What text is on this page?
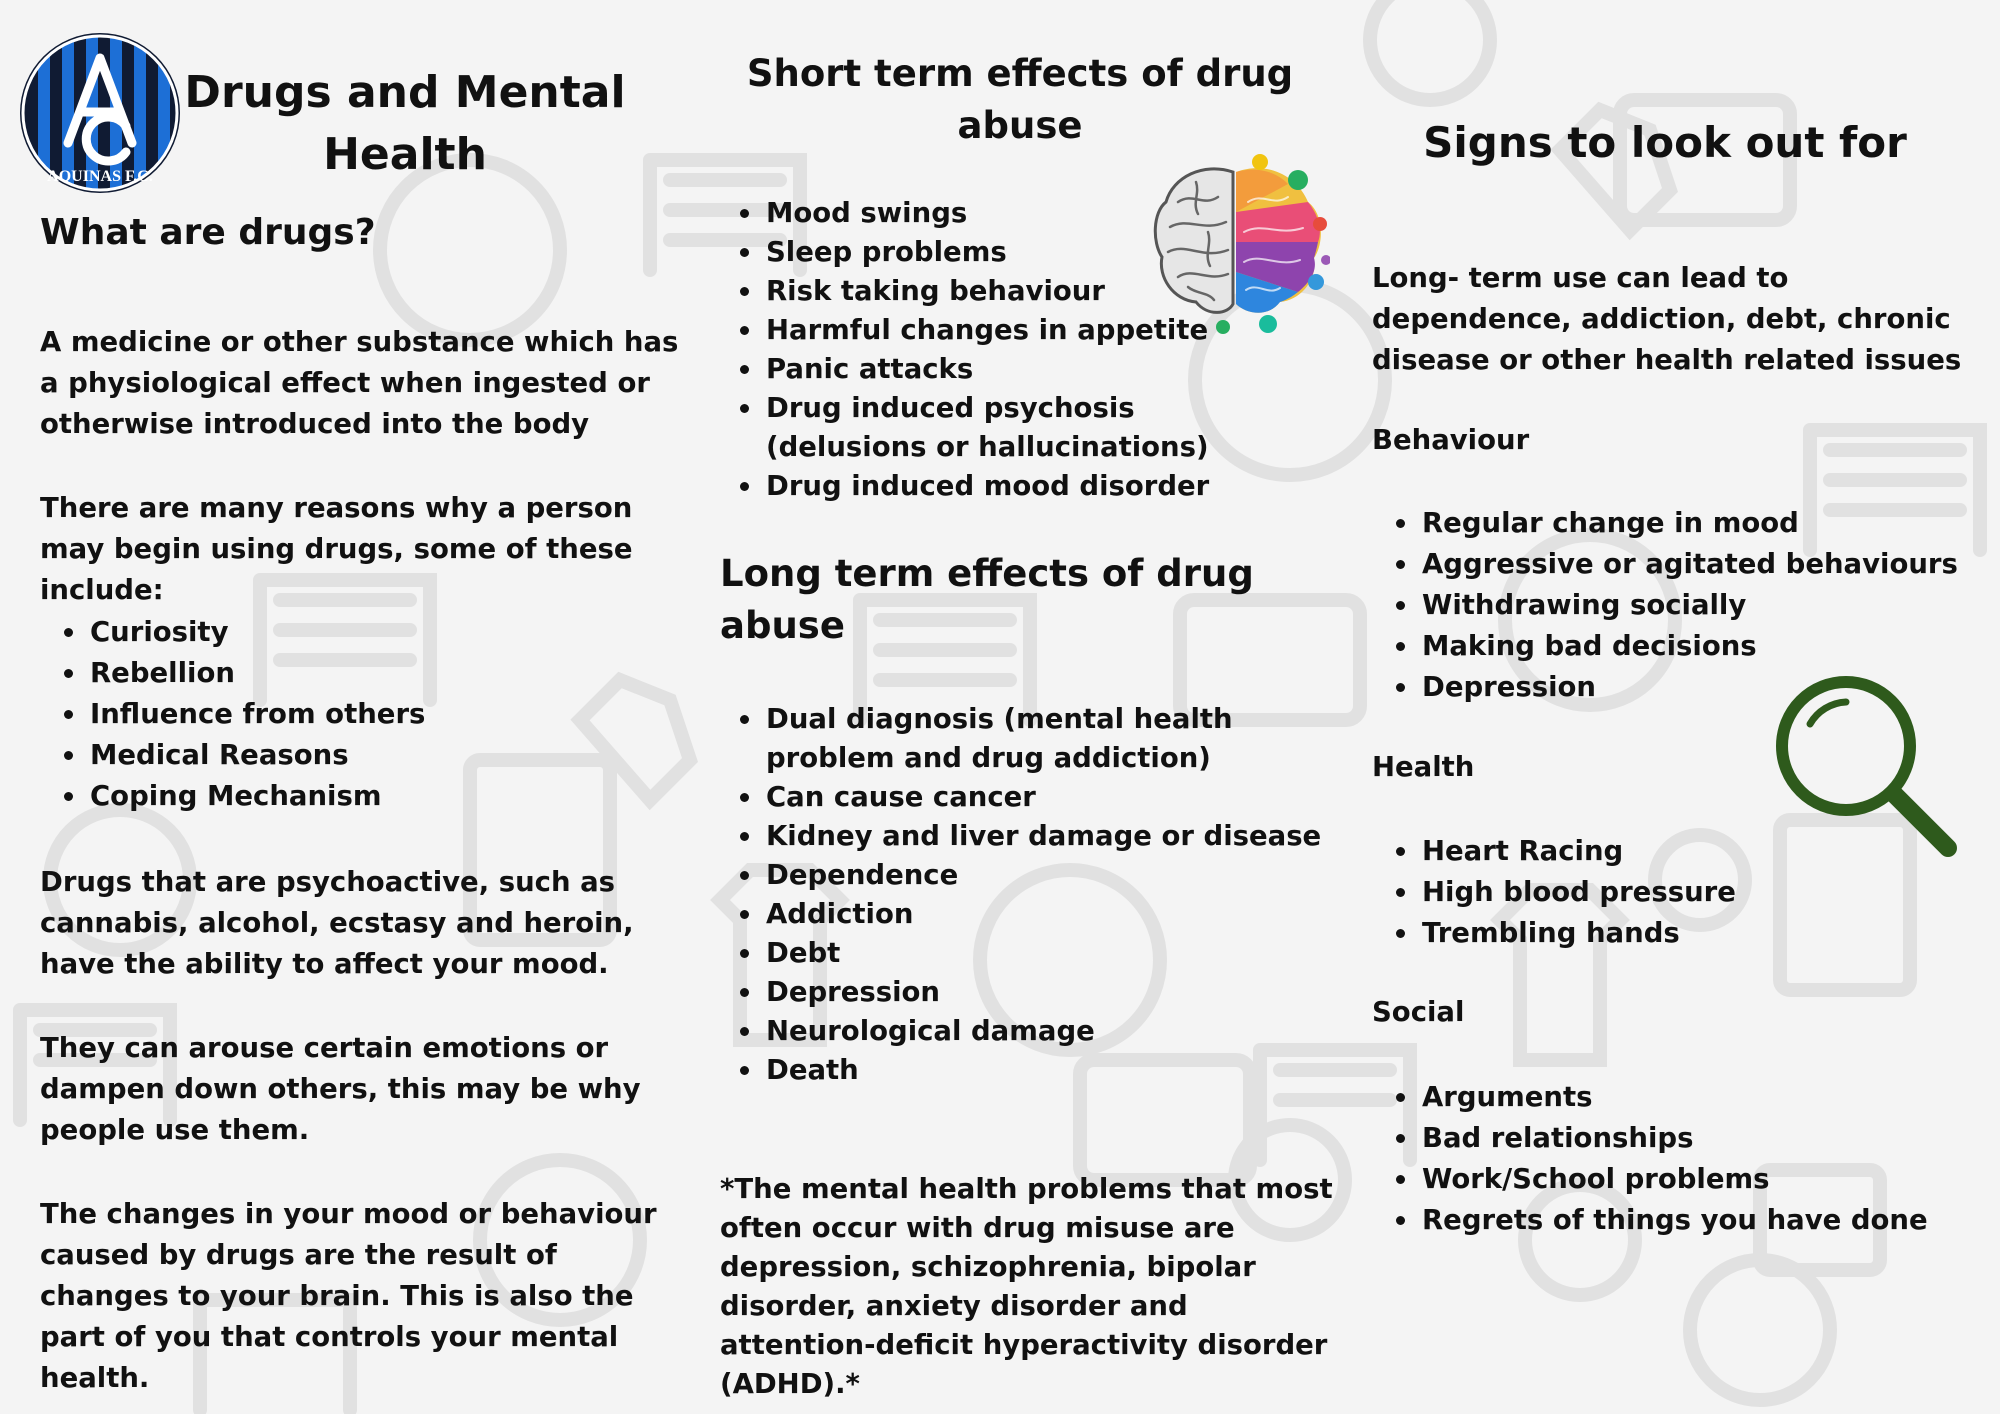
AQUINAS F.C.
Drugs and Mental Health
What are drugs?

A medicine or other substance which has a physiological effect when ingested or otherwise introduced into the body

There are many reasons why a person may begin using drugs, some of these include:

Curiosity
Rebellion
Influence from others
Medical Reasons
Coping Mechanism

Drugs that are psychoactive, such as cannabis, alcohol, ecstasy and heroin, have the ability to affect your mood.

They can arouse certain emotions or dampen down others, this may be why people use them.

The changes in your mood or behaviour caused by drugs are the result of changes to your brain. This is also the part of you that controls your mental health.

Short term effects of drug abuse
Mood swings
Sleep problems
Risk taking behaviour
Harmful changes in appetite
Panic attacks
Drug induced psychosis (delusions or hallucinations)
Drug induced mood disorder
Long term effects of drug abuse
Dual diagnosis (mental health problem and drug addiction)
Can cause cancer
Kidney and liver damage or disease
Dependence
Addiction
Debt
Depression
Neurological damage
Death

*The mental health problems that most often occur with drug misuse are depression, schizophrenia, bipolar disorder, anxiety disorder and attention-deficit hyperactivity disorder (ADHD).*

Signs to look out for

Long- term use can lead to dependence, addiction, debt, chronic disease or other health related issues

Behaviour
Regular change in mood
Aggressive or agitated behaviours
Withdrawing socially
Making bad decisions
Depression
Health
Heart Racing
High blood pressure
Trembling hands
Social
Arguments
Bad relationships
Work/School problems
Regrets of things you have done
